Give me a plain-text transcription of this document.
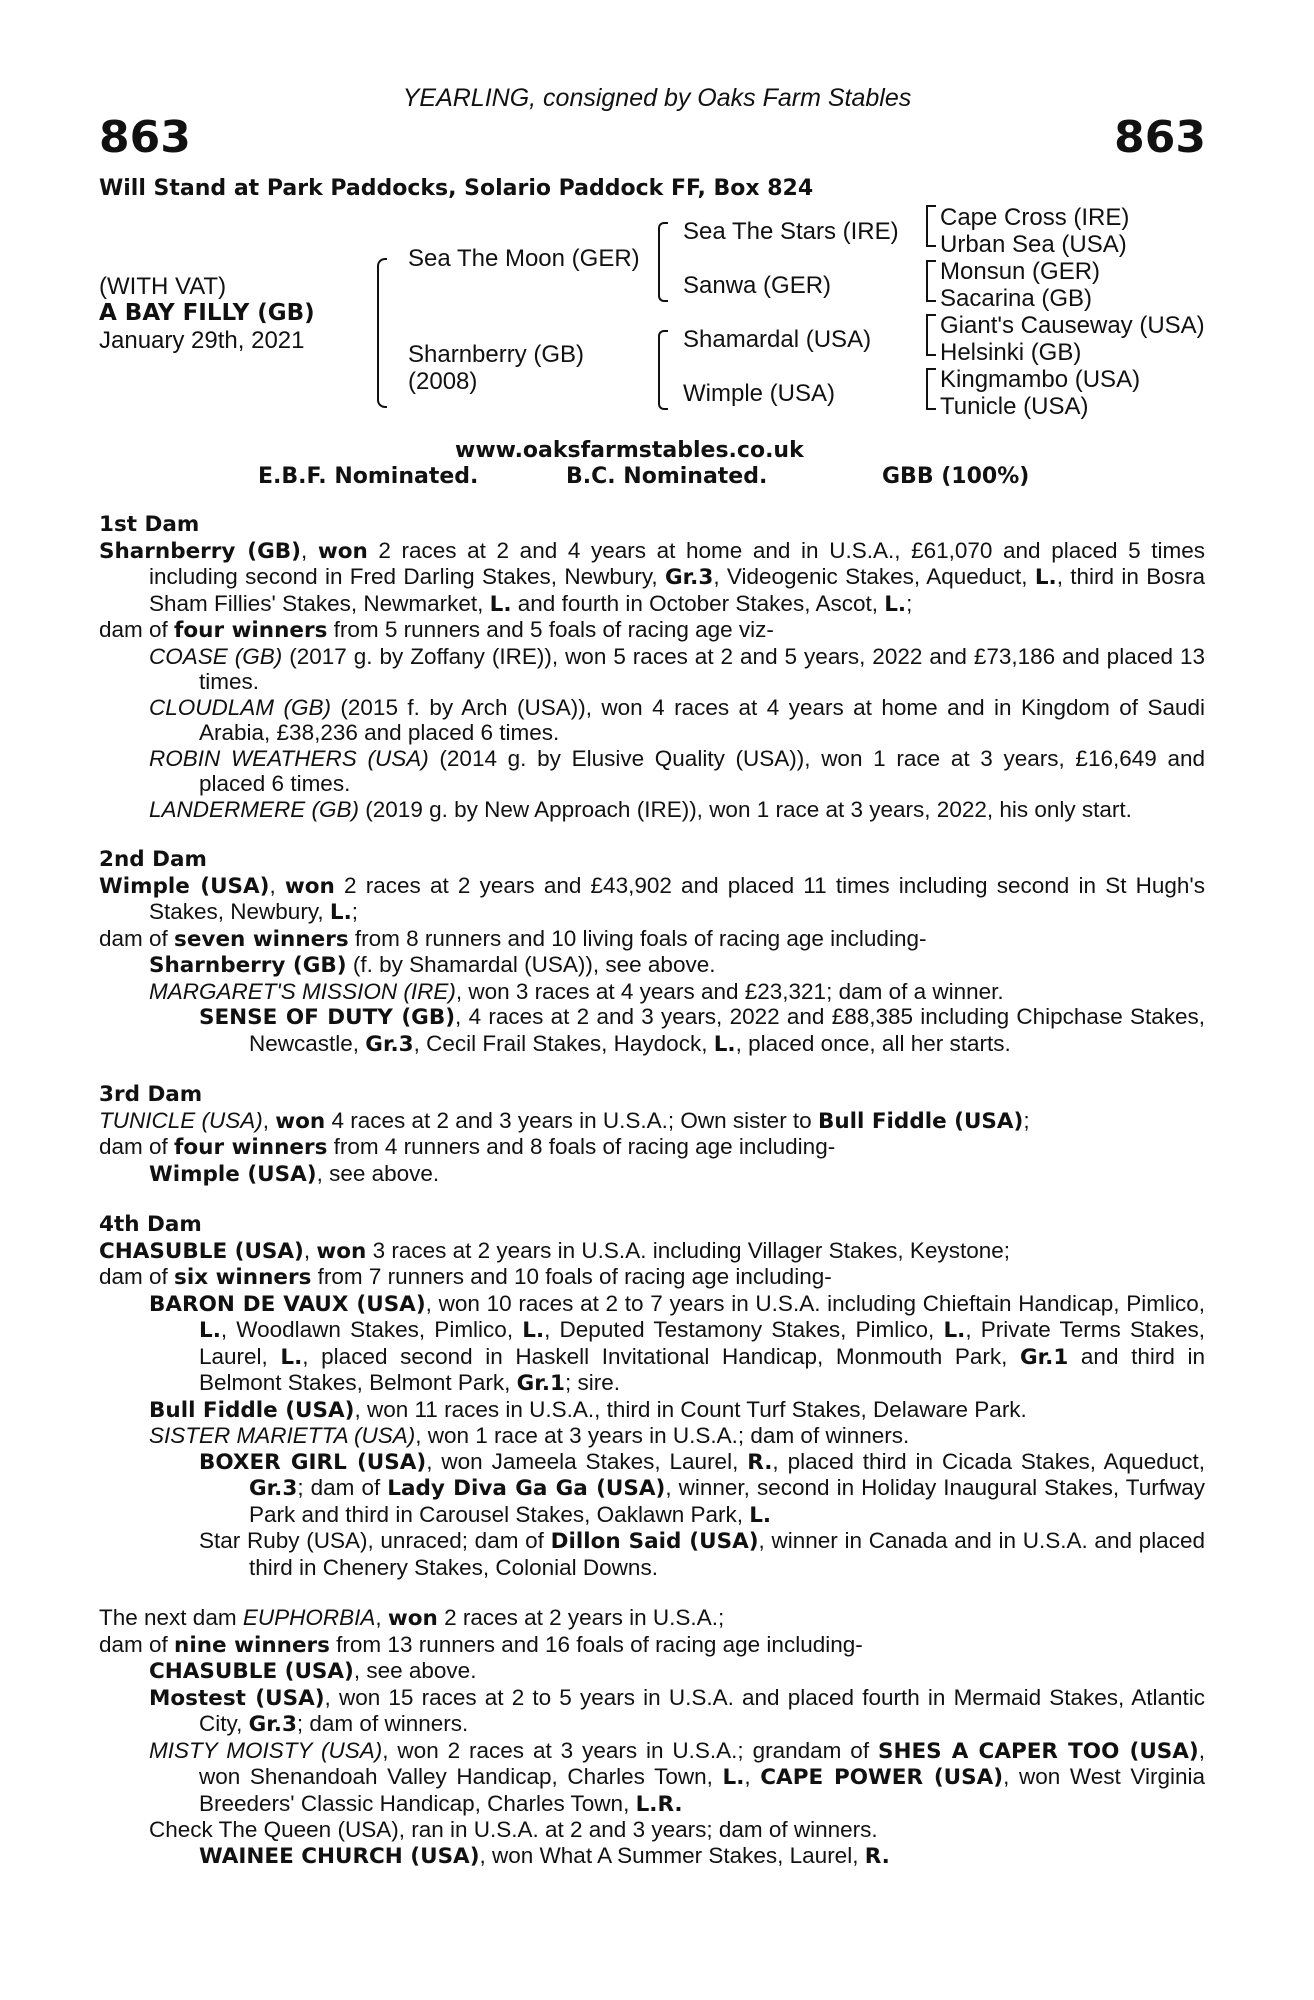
YEARLING, consigned by Oaks Farm Stables
863	863
Will Stand at Park Paddocks, Solario Paddock FF, Box 824
(WITH VAT)
A BAY FILLY (GB)
January 29th, 2021
Sea The Moon (GER)
Sharnberry (GB)
(2008)
Sea The Stars (IRE)
Sanwa (GER)
Shamardal (USA)
Wimple (USA)
Cape Cross (IRE)
Urban Sea (USA)
Monsun (GER)
Sacarina (GB)
Giant's Causeway (USA)
Helsinki (GB)
Kingmambo (USA)
Tunicle (USA)
www.oaksfarmstables.co.uk
E.B.F. Nominated.	B.C. Nominated.	GBB (100%)

1st Dam

Sharnberry (GB), won 2 races at 2 and 4 years at home and in U.S.A., £61,070 and placed 5 times including second in Fred Darling Stakes, Newbury, Gr.3, Videogenic Stakes, Aqueduct, L., third in Bosra Sham Fillies' Stakes, Newmarket, L. and fourth in October Stakes, Ascot, L.;

dam of four winners from 5 runners and 5 foals of racing age viz-

COASE (GB) (2017 g. by Zoffany (IRE)), won 5 races at 2 and 5 years, 2022 and £73,186 and placed 13 times.

CLOUDLAM (GB) (2015 f. by Arch (USA)), won 4 races at 4 years at home and in Kingdom of Saudi Arabia, £38,236 and placed 6 times.

ROBIN WEATHERS (USA) (2014 g. by Elusive Quality (USA)), won 1 race at 3 years, £16,649 and placed 6 times.

LANDERMERE (GB) (2019 g. by New Approach (IRE)), won 1 race at 3 years, 2022, his only start.

2nd Dam

Wimple (USA), won 2 races at 2 years and £43,902 and placed 11 times including second in St Hugh's Stakes, Newbury, L.;

dam of seven winners from 8 runners and 10 living foals of racing age including-

Sharnberry (GB) (f. by Shamardal (USA)), see above.

MARGARET'S MISSION (IRE), won 3 races at 4 years and £23,321; dam of a winner.

SENSE OF DUTY (GB), 4 races at 2 and 3 years, 2022 and £88,385 including Chipchase Stakes, Newcastle, Gr.3, Cecil Frail Stakes, Haydock, L., placed once, all her starts.

3rd Dam

TUNICLE (USA), won 4 races at 2 and 3 years in U.S.A.; Own sister to Bull Fiddle (USA);

dam of four winners from 4 runners and 8 foals of racing age including-

Wimple (USA), see above.

4th Dam

CHASUBLE (USA), won 3 races at 2 years in U.S.A. including Villager Stakes, Keystone;

dam of six winners from 7 runners and 10 foals of racing age including-

BARON DE VAUX (USA), won 10 races at 2 to 7 years in U.S.A. including Chieftain Handicap, Pimlico, L., Woodlawn Stakes, Pimlico, L., Deputed Testamony Stakes, Pimlico, L., Private Terms Stakes, Laurel, L., placed second in Haskell Invitational Handicap, Monmouth Park, Gr.1 and third in Belmont Stakes, Belmont Park, Gr.1; sire.

Bull Fiddle (USA), won 11 races in U.S.A., third in Count Turf Stakes, Delaware Park.

SISTER MARIETTA (USA), won 1 race at 3 years in U.S.A.; dam of winners.

BOXER GIRL (USA), won Jameela Stakes, Laurel, R., placed third in Cicada Stakes, Aqueduct, Gr.3; dam of Lady Diva Ga Ga (USA), winner, second in Holiday Inaugural Stakes, Turfway Park and third in Carousel Stakes, Oaklawn Park, L.

Star Ruby (USA), unraced; dam of Dillon Said (USA), winner in Canada and in U.S.A. and placed third in Chenery Stakes, Colonial Downs.

The next dam EUPHORBIA, won 2 races at 2 years in U.S.A.;

dam of nine winners from 13 runners and 16 foals of racing age including-

CHASUBLE (USA), see above.

Mostest (USA), won 15 races at 2 to 5 years in U.S.A. and placed fourth in Mermaid Stakes, Atlantic City, Gr.3; dam of winners.

MISTY MOISTY (USA), won 2 races at 3 years in U.S.A.; grandam of SHES A CAPER TOO (USA), won Shenandoah Valley Handicap, Charles Town, L., CAPE POWER (USA), won West Virginia Breeders' Classic Handicap, Charles Town, L.R.

Check The Queen (USA), ran in U.S.A. at 2 and 3 years; dam of winners.

WAINEE CHURCH (USA), won What A Summer Stakes, Laurel, R.
